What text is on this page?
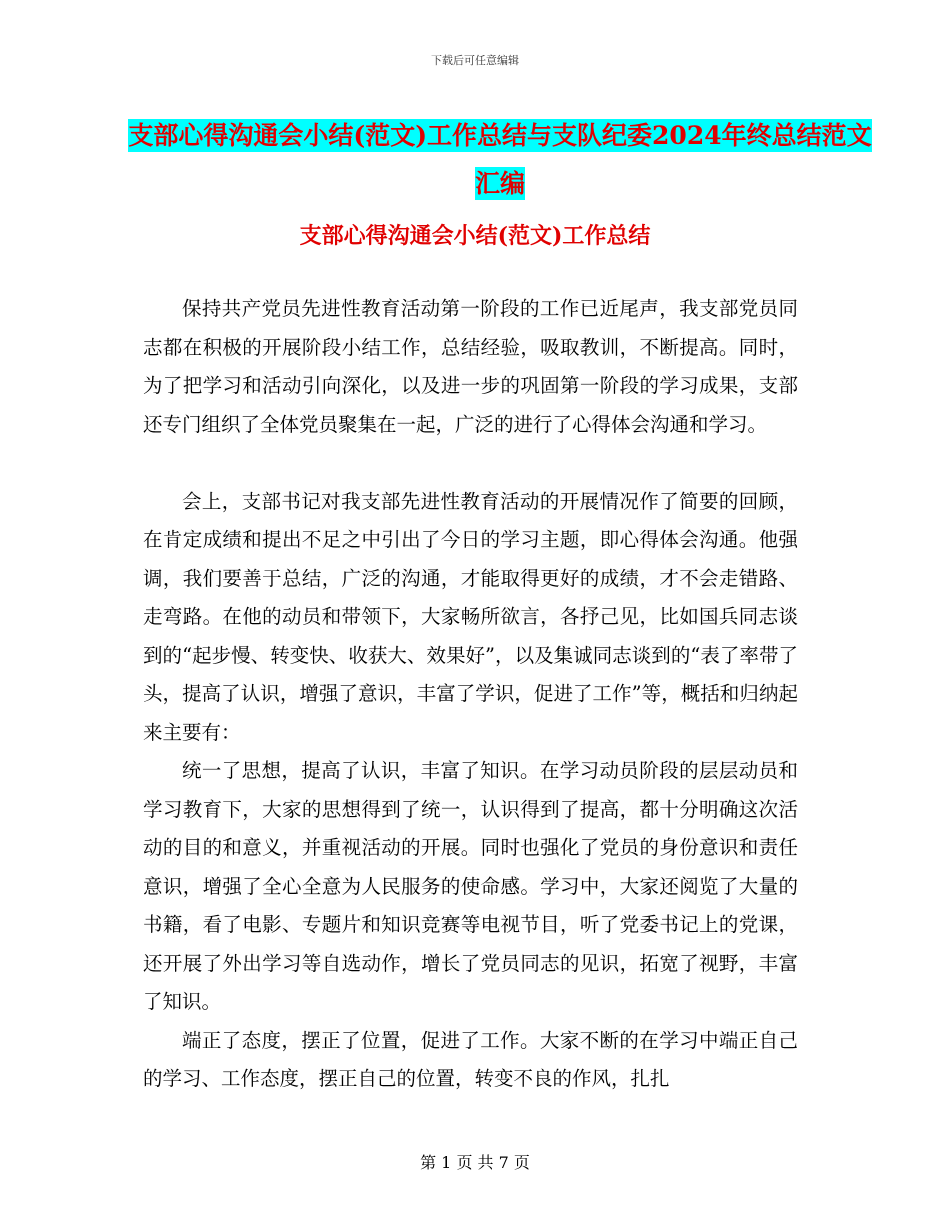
下载后可任意编辑
支部心得沟通会小结(范文)工作总结与支队纪委2024年终总结范文汇编
支部心得沟通会小结(范文)工作总结

保持共产党员先进性教育活动第一阶段的工作已近尾声，我支部党员同志都在积极的开展阶段小结工作，总结经验，吸取教训，不断提高。同时，为了把学习和活动引向深化，以及进一步的巩固第一阶段的学习成果，支部还专门组织了全体党员聚集在一起，广泛的进行了心得体会沟通和学习。

会上，支部书记对我支部先进性教育活动的开展情况作了简要的回顾，在肯定成绩和提出不足之中引出了今日的学习主题，即心得体会沟通。他强调，我们要善于总结，广泛的沟通，才能取得更好的成绩，才不会走错路、走弯路。在他的动员和带领下，大家畅所欲言，各抒己见，比如国兵同志谈到的“起步慢、转变快、收获大、效果好”，以及集诚同志谈到的“表了率带了头，提高了认识，增强了意识，丰富了学识，促进了工作”等，概括和归纳起来主要有：

统一了思想，提高了认识，丰富了知识。在学习动员阶段的层层动员和学习教育下，大家的思想得到了统一，认识得到了提高，都十分明确这次活动的目的和意义，并重视活动的开展。同时也强化了党员的身份意识和责任意识，增强了全心全意为人民服务的使命感。学习中，大家还阅览了大量的书籍，看了电影、专题片和知识竞赛等电视节目，听了党委书记上的党课，还开展了外出学习等自选动作，增长了党员同志的见识，拓宽了视野，丰富了知识。

端正了态度，摆正了位置，促进了工作。大家不断的在学习中端正自己的学习、工作态度，摆正自己的位置，转变不良的作风，扎扎

第 1 页 共 7 页
